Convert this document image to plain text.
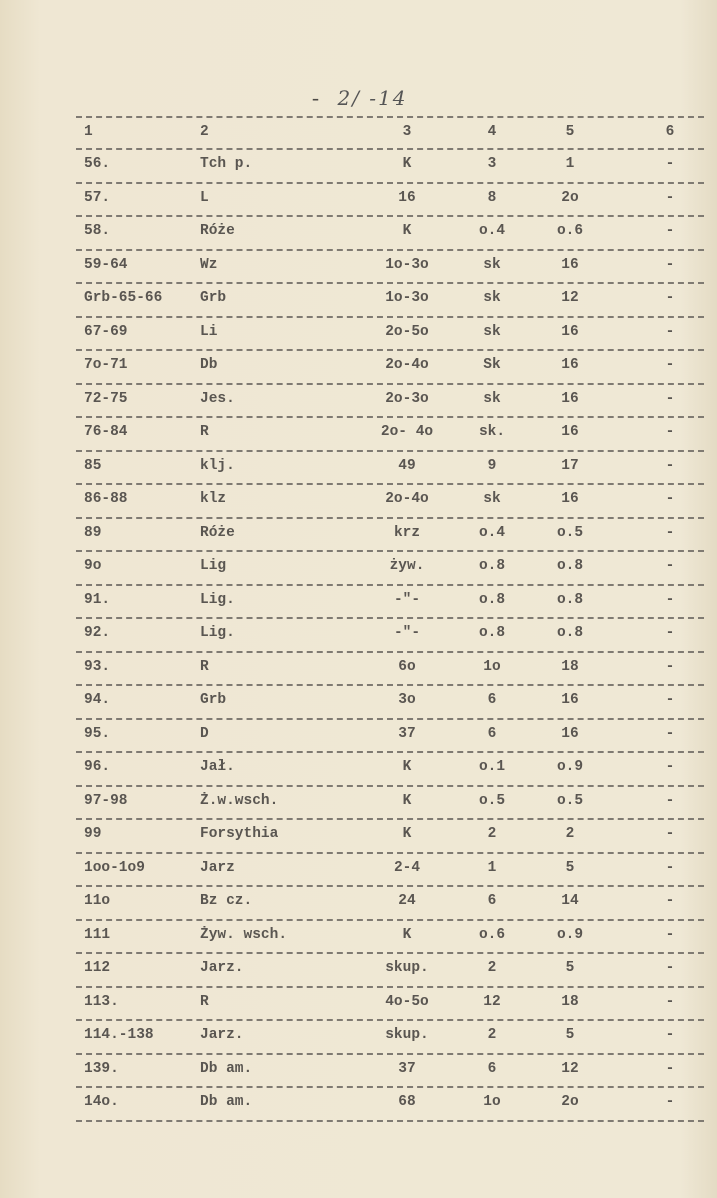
- 2/ -14
1	2	3	4	5	6
56.	Tch p.	K	3	1	-
57.	L	16	8	2o	-
58.	Róże	K	o.4	o.6	-
59-64	Wz	1o-3o	sk	16	-
Grb-65-66	Grb	1o-3o	sk	12	-
67-69	Li	2o-5o	sk	16	-
7o-71	Db	2o-4o	Sk	16	-
72-75	Jes.	2o-3o	sk	16	-
76-84	R	2o- 4o	sk.	16	-
85	klj.	49	9	17	-
86-88	klz	2o-4o	sk	16	-
89	Róże	krz	o.4	o.5	-
9o	Lig	żyw.	o.8	o.8	-
91.	Lig.	-"-	o.8	o.8	-
92.	Lig.	-"-	o.8	o.8	-
93.	R	6o	1o	18	-
94.	Grb	3o	6	16	-
95.	D	37	6	16	-
96.	Jał.	K	o.1	o.9	-
97-98	Ż.w.wsch.	K	o.5	o.5	-
99	Forsythia	K	2	2	-
1oo-1o9	Jarz	2-4	1	5	-
11o	Bz cz.	24	6	14	-
111	Żyw. wsch.	K	o.6	o.9	-
112	Jarz.	skup.	2	5	-
113.	R	4o-5o	12	18	-
114.-138	Jarz.	skup.	2	5	-
139.	Db am.	37	6	12	-
14o.	Db am.	68	1o	2o	-
